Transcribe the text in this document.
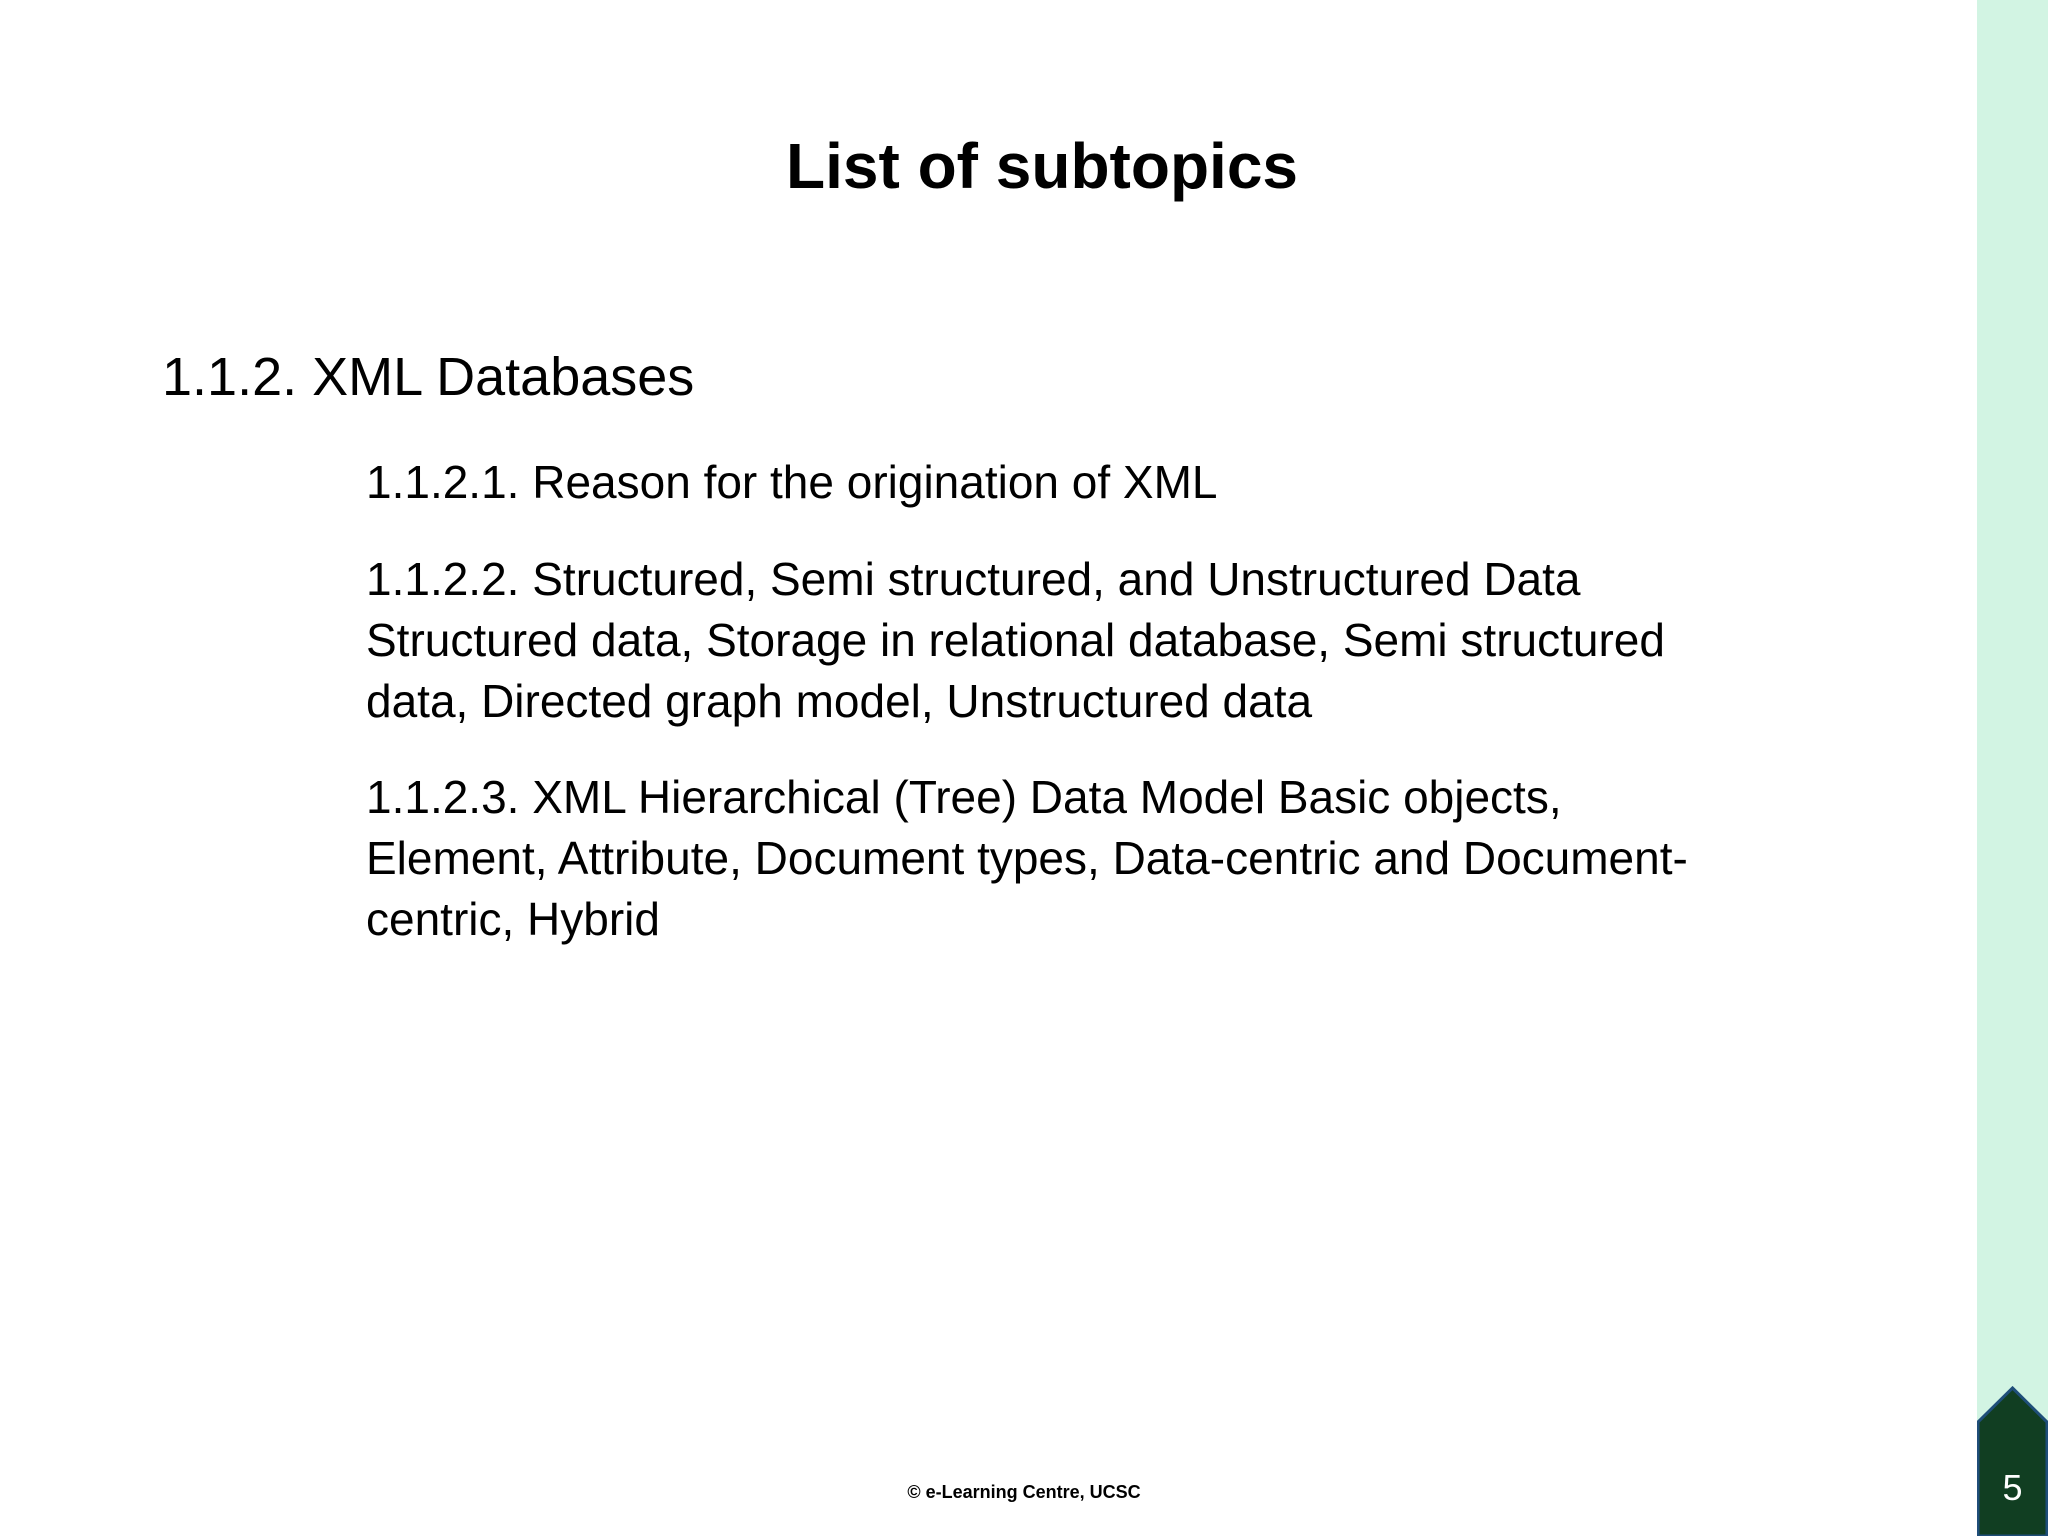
List of subtopics

1.1.2. XML Databases

1.1.2.1. Reason for the origination of XML
1.1.2.2. Structured, Semi structured, and Unstructured Data
Structured data, Storage in relational database, Semi structured
data, Directed graph model, Unstructured data
1.1.2.3. XML Hierarchical (Tree) Data Model Basic objects,
Element, Attribute, Document types, Data-centric and Document-
centric, Hybrid
© e-Learning Centre, UCSC	5
